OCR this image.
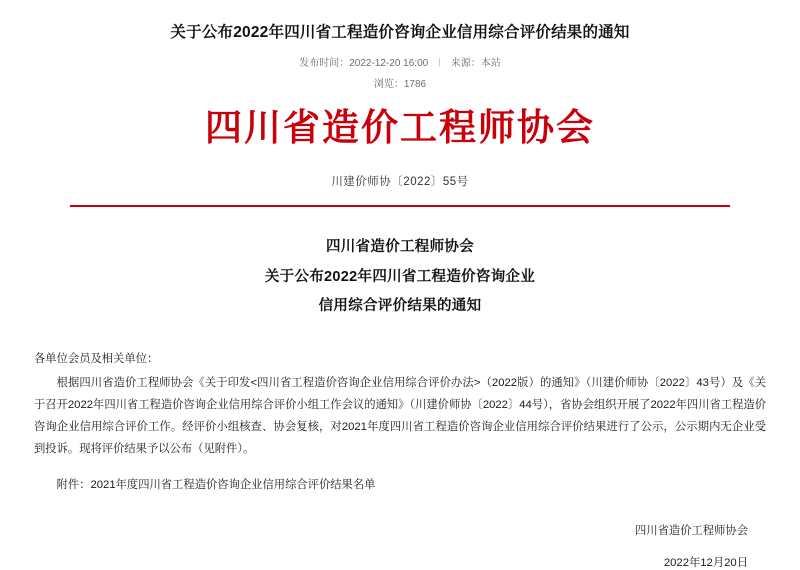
关于公布2022年四川省工程造价咨询企业信用综合评价结果的通知
发布时间：2022-12-20 16:00 来源：本站
浏览：1786
四川省造价工程师协会
川建价师协〔2022〕55号
四川省造价工程师协会
关于公布2022年四川省工程造价咨询企业
信用综合评价结果的通知
各单位会员及相关单位：
根据四川省造价工程师协会《关于印发<四川省工程造价咨询企业信用综合评价办法>（2022版）的通知》（川建价师协〔2022〕43号）及《关于召开2022年四川省工程造价咨询企业信用综合评价小组工作会议的通知》（川建价师协〔2022〕44号），省协会组织开展了2022年四川省工程造价咨询企业信用综合评价工作。经评价小组核查、协会复核，对2021年度四川省工程造价咨询企业信用综合评价结果进行了公示，公示期内无企业受到投诉。现将评价结果予以公布（见附件）。
附件：2021年度四川省工程造价咨询企业信用综合评价结果名单
四川省造价工程师协会
2022年12月20日
